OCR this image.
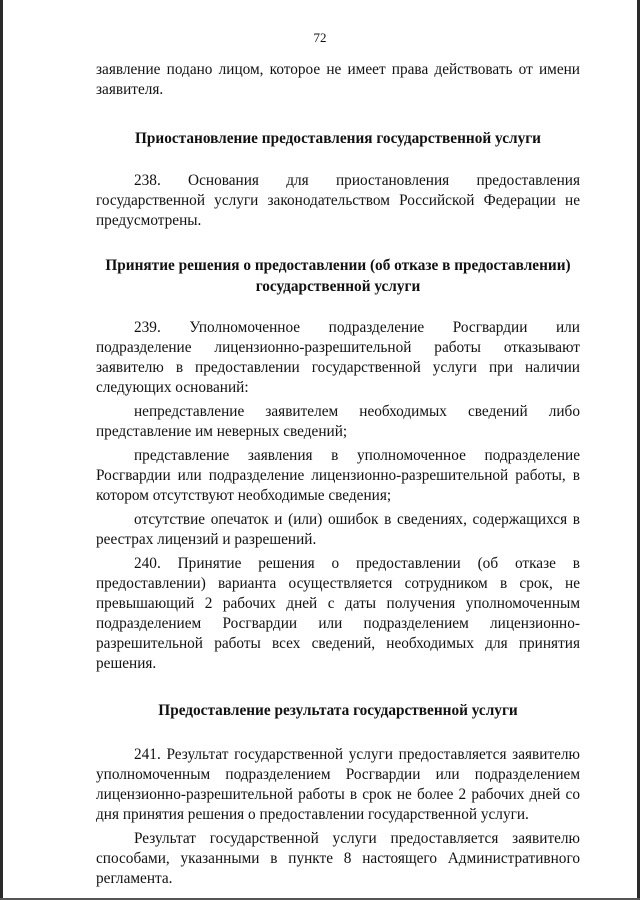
72

заявление подано лицом, которое не имеет права действовать от имени заявителя.

Приостановление предоставления государственной услуги

238. Основания для приостановления предоставления государственной услуги законодательством Российской Федерации не предусмотрены.

Принятие решения о предоставлении (об отказе в предоставлении) государственной услуги

239. Уполномоченное подразделение Росгвардии или подразделение лицензионно-разрешительной работы отказывают заявителю в предоставлении государственной услуги при наличии следующих оснований:

непредставление заявителем необходимых сведений либо представление им неверных сведений;

представление заявления в уполномоченное подразделение Росгвардии или подразделение лицензионно-разрешительной работы, в котором отсутствуют необходимые сведения;

отсутствие опечаток и (или) ошибок в сведениях, содержащихся в реестрах лицензий и разрешений.

240. Принятие решения о предоставлении (об отказе в предоставлении) варианта осуществляется сотрудником в срок, не превышающий 2 рабочих дней с даты получения уполномоченным подразделением Росгвардии или подразделением лицензионно-разрешительной работы всех сведений, необходимых для принятия решения.

Предоставление результата государственной услуги

241. Результат государственной услуги предоставляется заявителю уполномоченным подразделением Росгвардии или подразделением лицензионно-разрешительной работы в срок не более 2 рабочих дней со дня принятия решения о предоставлении государственной услуги.

Результат государственной услуги предоставляется заявителю способами, указанными в пункте 8 настоящего Административного регламента.
